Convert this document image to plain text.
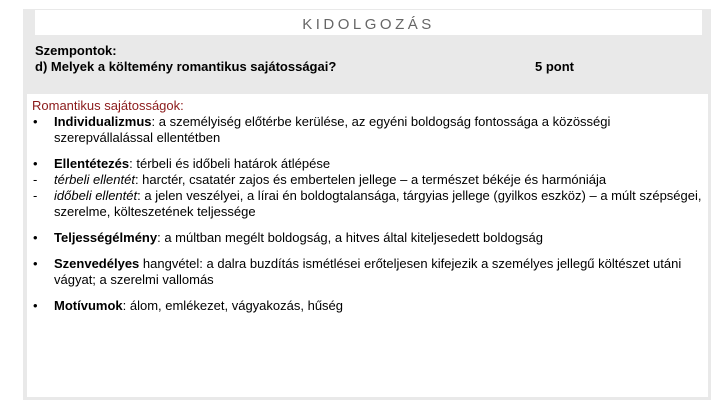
KIDOLGOZÁS
Szempontok:
d) Melyek a költemény romantikus sajátosságai?	5 pont
Romantikus sajátosságok:
• Individualizmus: a személyiség előtérbe kerülése, az egyéni boldogság fontossága a közösségi szerepvállalással ellentétben
• Ellentétezés: térbeli és időbeli határok átlépése
- térbeli ellentét: harctér, csatatér zajos és embertelen jellege – a természet békéje és harmóniája
- időbeli ellentét: a jelen veszélyei, a lírai én boldogtalansága, tárgyias jellege (gyilkos eszköz) – a múlt szépségei, szerelme, költeszetének teljessége
• Teljességélmény: a múltban megélt boldogság, a hitves által kiteljesedett boldogság
• Szenvedélyes hangvétel: a dalra buzdítás ismétlései erőteljesen kifejezik a személyes jellegű költészet utáni vágyat; a szerelmi vallomás
• Motívumok: álom, emlékezet, vágyakozás, hűség
